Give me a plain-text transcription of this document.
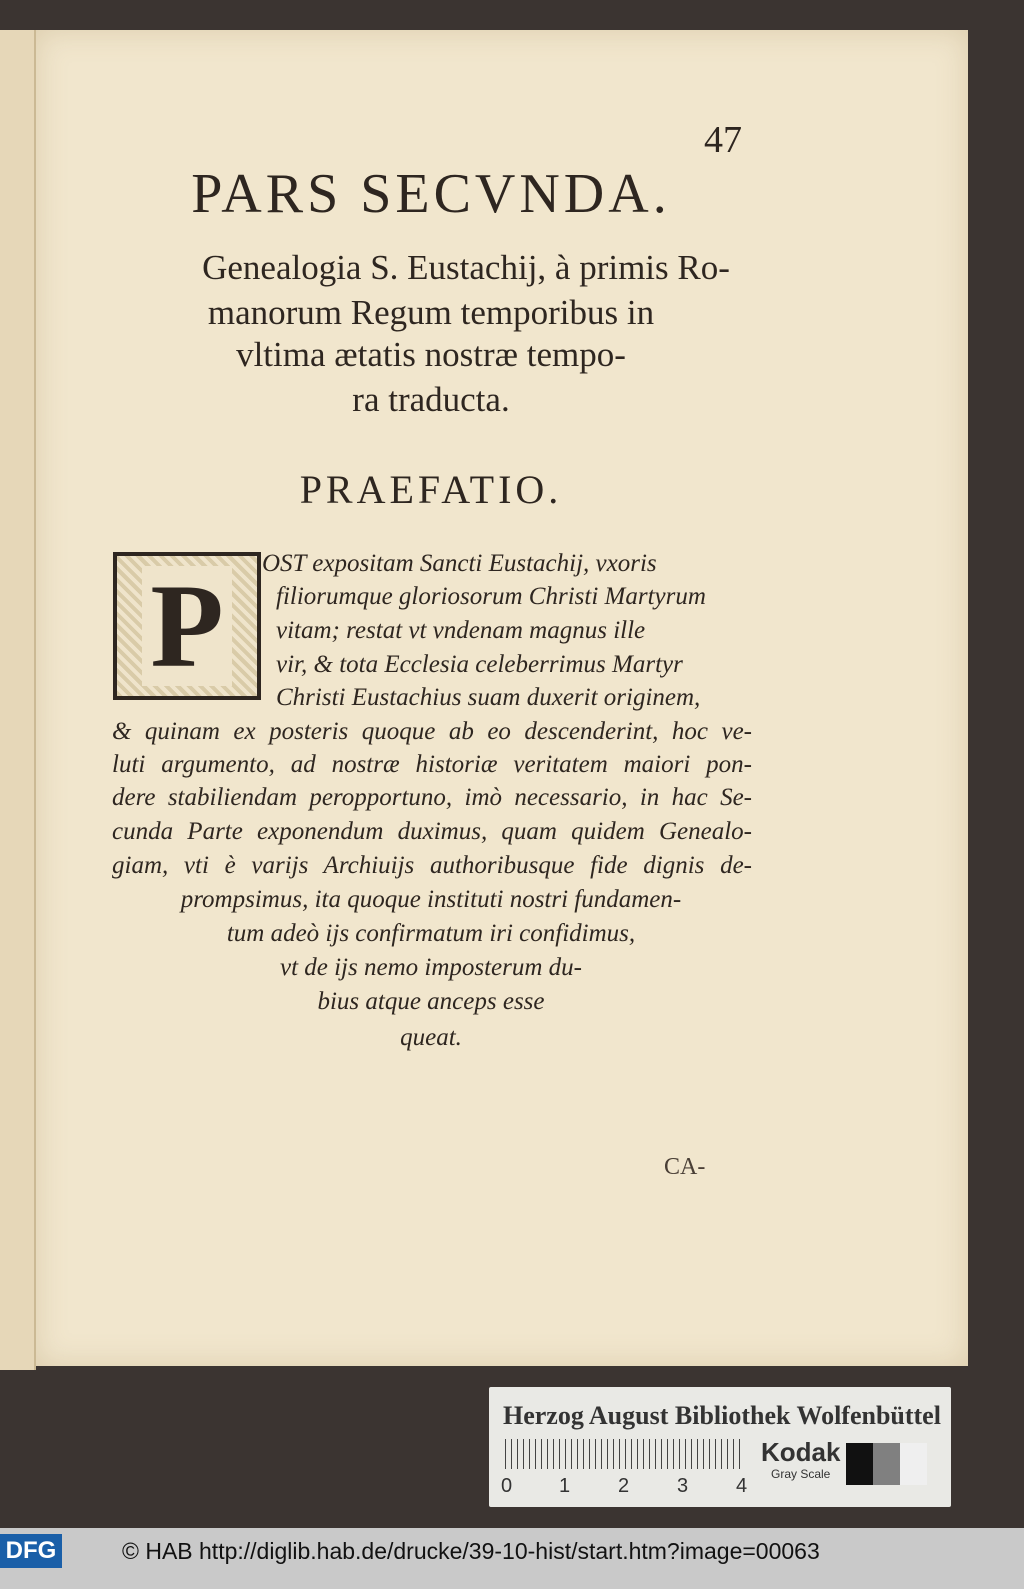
47
PARS SECVNDA.
Genealogia S. Eustachij, à primis Ro-
manorum Regum temporibus in
vltima ætatis nostræ tempo-
ra traducta.
PRAEFATIO.
P	OST expositam Sancti Eustachij, vxoris
filiorumque gloriosorum Christi Martyrum
vitam; restat vt vndenam magnus ille
vir, & tota Ecclesia celeberrimus Martyr
Christi Eustachius suam duxerit originem,
& quinam ex posteris quoque ab eo descenderint, hoc ve-
luti argumento, ad nostræ historiæ veritatem maiori pon-
dere stabiliendam peropportuno, imò necessario, in hac Se-
cunda Parte exponendum duximus, quam quidem Genealo-
giam, vti è varijs Archiuijs authoribusque fide dignis de-
prompsimus, ita quoque instituti nostri fundamen-
tum adeò ijs confirmatum iri confidimus,
vt de ijs nemo imposterum du-
bius atque anceps esse
queat.
CA-
Herzog August Bibliothek Wolfenbüttel
0 1 2 3 4
Kodak
Gray Scale
DFG	© HAB http://diglib.hab.de/drucke/39-10-hist/start.htm?image=00063
